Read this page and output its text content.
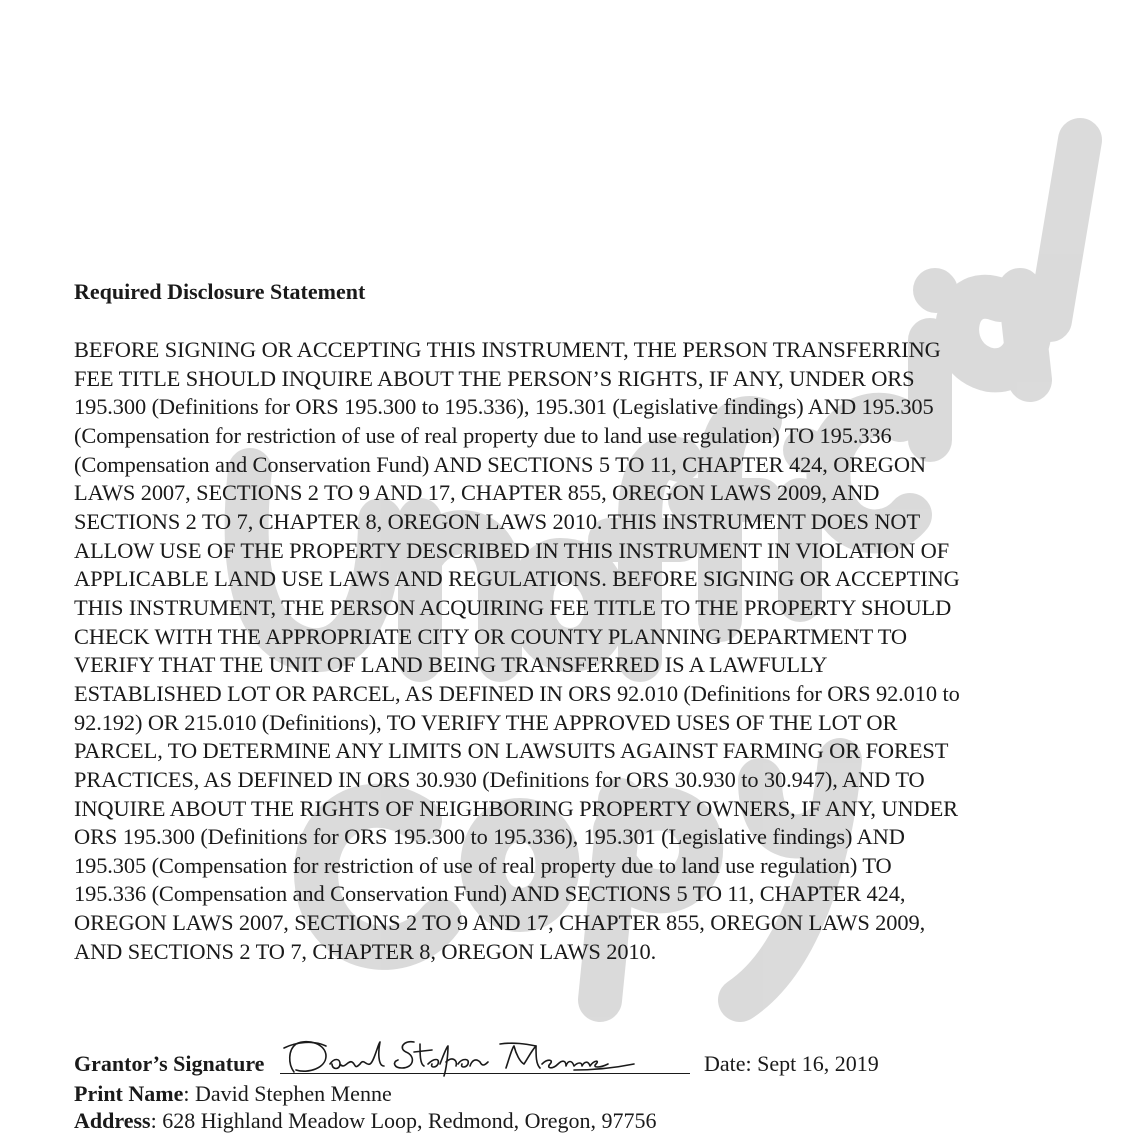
Required Disclosure Statement
BEFORE SIGNING OR ACCEPTING THIS INSTRUMENT, THE PERSON TRANSFERRING
FEE TITLE SHOULD INQUIRE ABOUT THE PERSON’S RIGHTS, IF ANY, UNDER ORS
195.300 (Definitions for ORS 195.300 to 195.336), 195.301 (Legislative findings) AND 195.305
(Compensation for restriction of use of real property due to land use regulation) TO 195.336
(Compensation and Conservation Fund) AND SECTIONS 5 TO 11, CHAPTER 424, OREGON
LAWS 2007, SECTIONS 2 TO 9 AND 17, CHAPTER 855, OREGON LAWS 2009, AND
SECTIONS 2 TO 7, CHAPTER 8, OREGON LAWS 2010. THIS INSTRUMENT DOES NOT
ALLOW USE OF THE PROPERTY DESCRIBED IN THIS INSTRUMENT IN VIOLATION OF
APPLICABLE LAND USE LAWS AND REGULATIONS. BEFORE SIGNING OR ACCEPTING
THIS INSTRUMENT, THE PERSON ACQUIRING FEE TITLE TO THE PROPERTY SHOULD
CHECK WITH THE APPROPRIATE CITY OR COUNTY PLANNING DEPARTMENT TO
VERIFY THAT THE UNIT OF LAND BEING TRANSFERRED IS A LAWFULLY
ESTABLISHED LOT OR PARCEL, AS DEFINED IN ORS 92.010 (Definitions for ORS 92.010 to
92.192) OR 215.010 (Definitions), TO VERIFY THE APPROVED USES OF THE LOT OR
PARCEL, TO DETERMINE ANY LIMITS ON LAWSUITS AGAINST FARMING OR FOREST
PRACTICES, AS DEFINED IN ORS 30.930 (Definitions for ORS 30.930 to 30.947), AND TO
INQUIRE ABOUT THE RIGHTS OF NEIGHBORING PROPERTY OWNERS, IF ANY, UNDER
ORS 195.300 (Definitions for ORS 195.300 to 195.336), 195.301 (Legislative findings) AND
195.305 (Compensation for restriction of use of real property due to land use regulation) TO
195.336 (Compensation and Conservation Fund) AND SECTIONS 5 TO 11, CHAPTER 424,
OREGON LAWS 2007, SECTIONS 2 TO 9 AND 17, CHAPTER 855, OREGON LAWS 2009,
AND SECTIONS 2 TO 7, CHAPTER 8, OREGON LAWS 2010.
Grantor’s Signature	Date: Sept 16, 2019
Print Name: David Stephen Menne
Address: 628 Highland Meadow Loop, Redmond, Oregon, 97756
